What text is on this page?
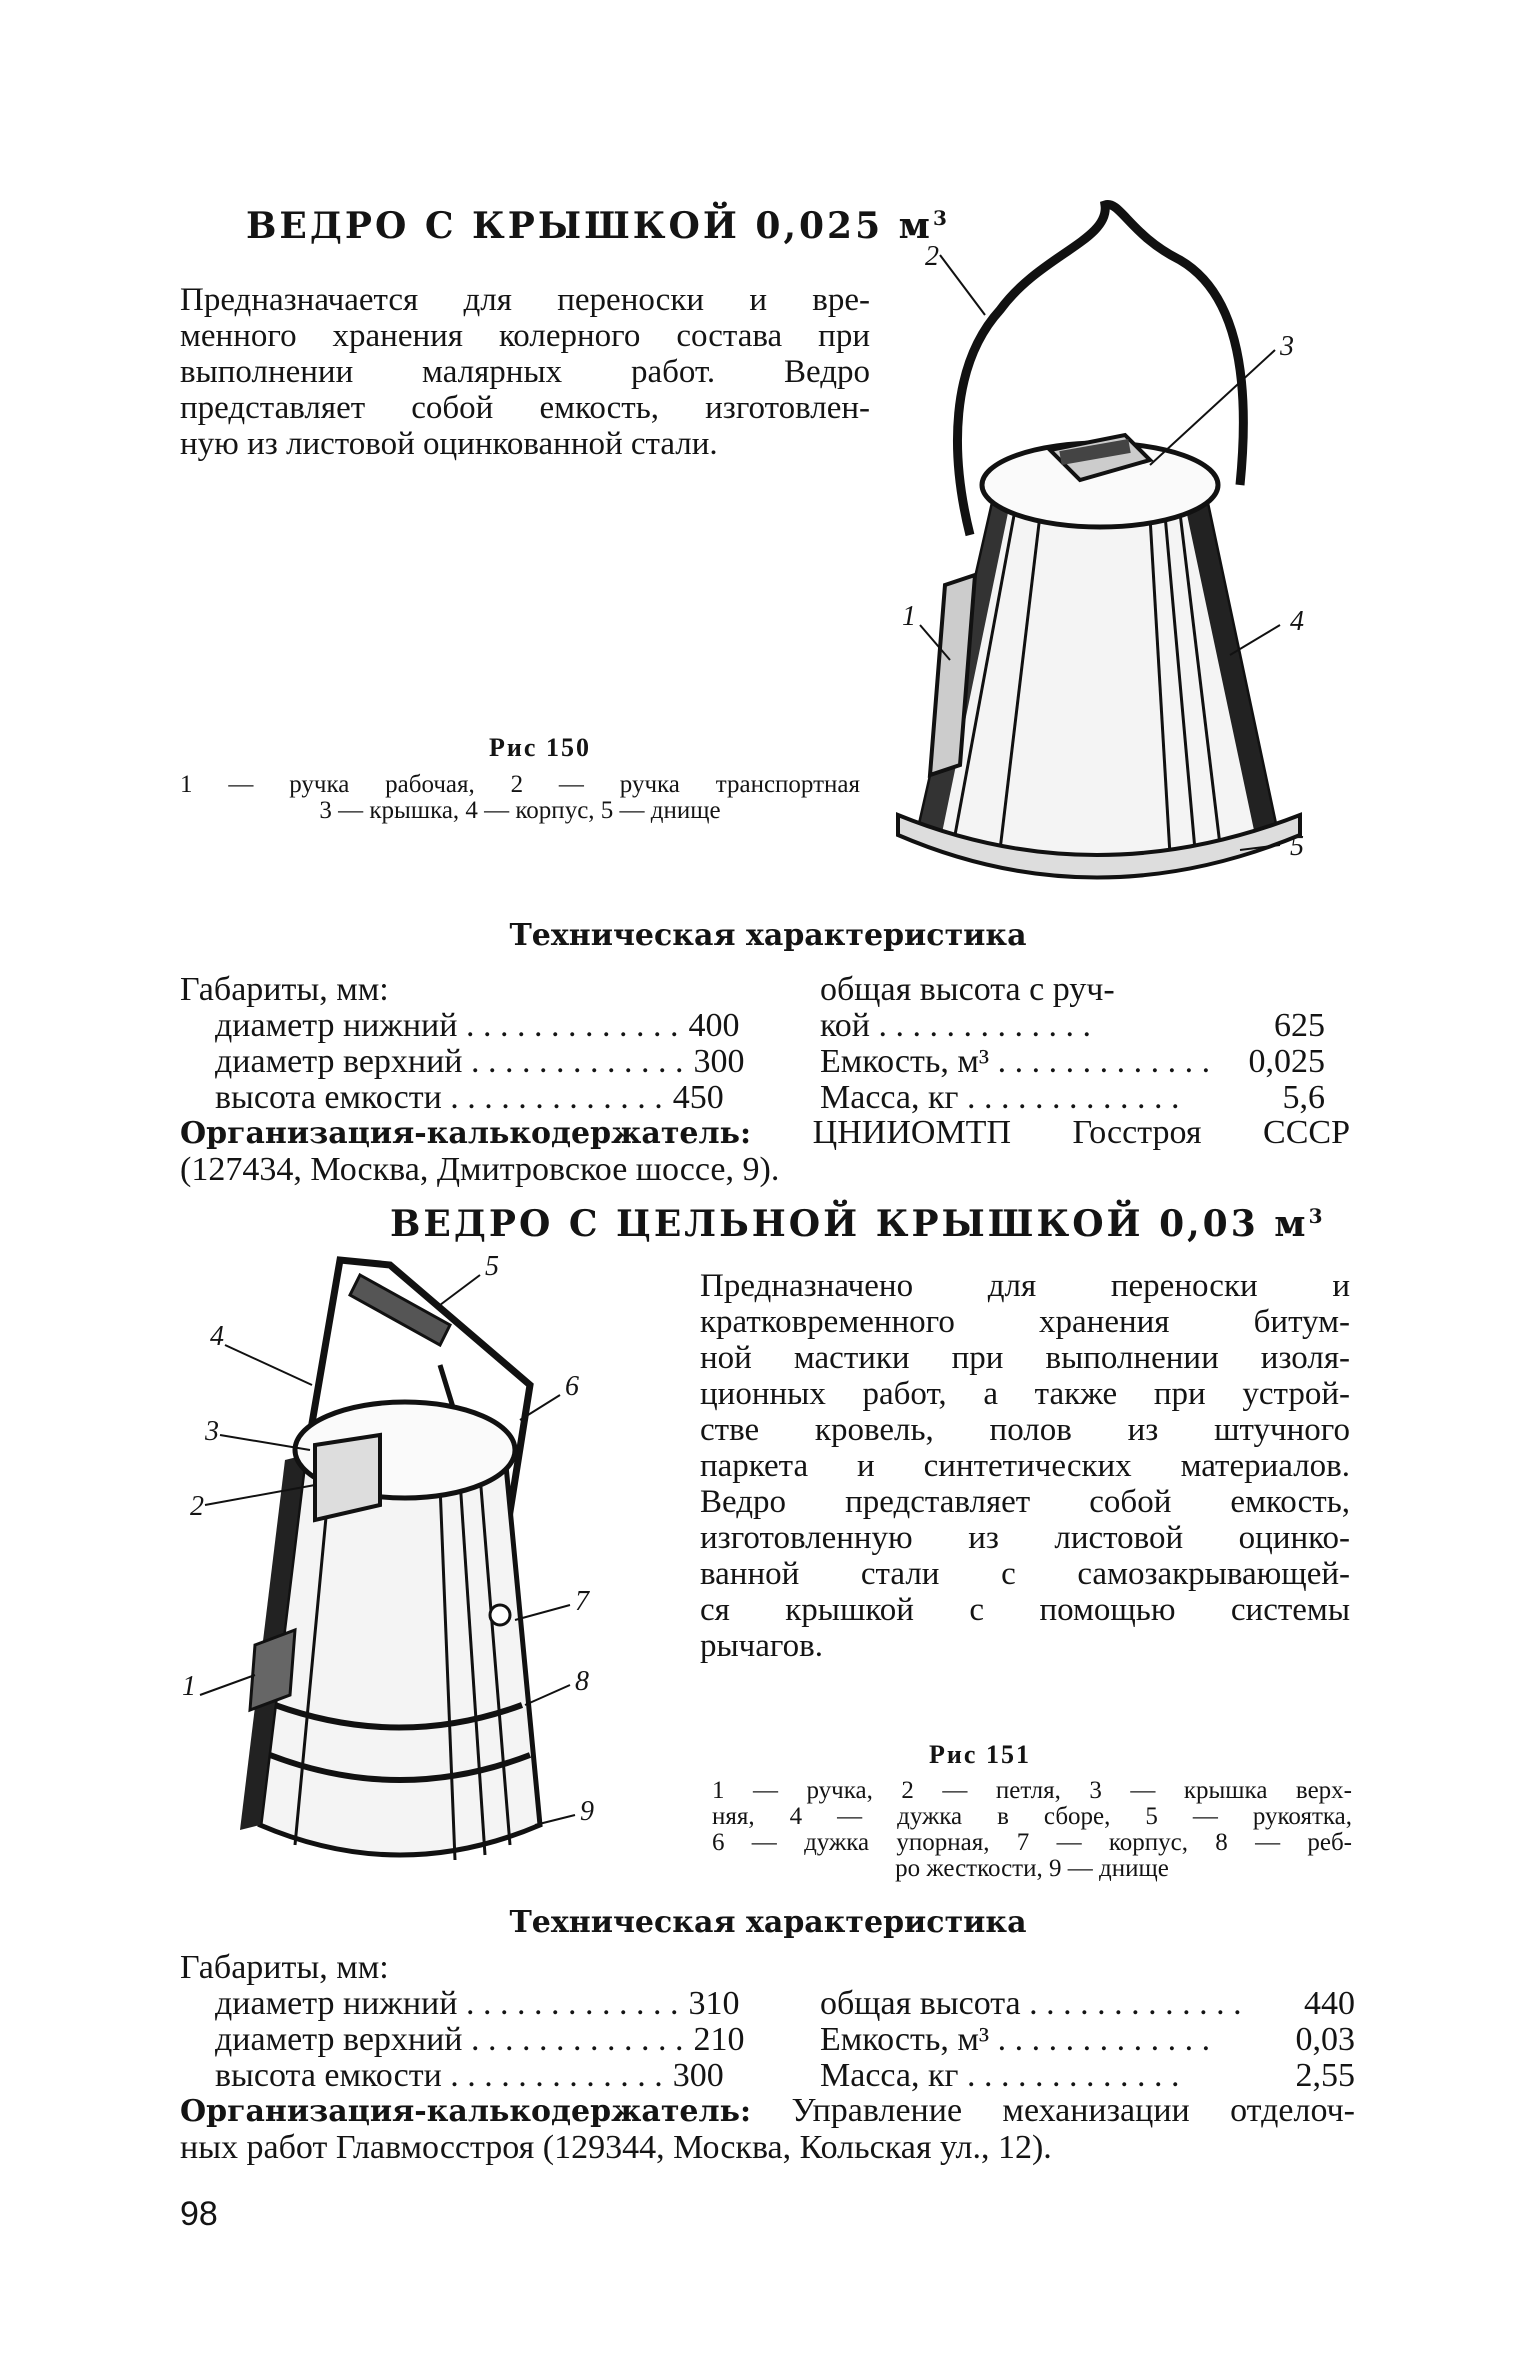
ВЕДРО С КРЫШКОЙ 0,025 $м^3$
Предназначается для переноски и вре-
менного хранения колерного состава при
выполнении малярных работ. Ведро
представляет собой емкость, изготовлен-
ную из листовой оцинкованной стали.
2
3
1	4
5
Рис 150
1 — ручка рабочая, 2 — ручка транспортная
3 — крышка, 4 — корпус, 5 — днище
Техническая характеристика
Габариты, мм:
диаметр нижний . .	400
диаметр верхний . .	300
высота емкости . .	450
общая высота с руч-
кой . .	625
Емкость, м³ . .	0,025
Масса, кг . .	5,6
Организация-калькодержатель: ЦНИИОМТП Госстроя СССР
(127434, Москва, Дмитровское шоссе, 9).
ВЕДРО С ЦЕЛЬНОЙ КРЫШКОЙ 0,03 $м^3$
4
5
6
3
2
7
1	8
9
Предназначено для переноски и
кратковременного хранения битум-
ной мастики при выполнении изоля-
ционных работ, а также при устрой-
стве кровель, полов из штучного
паркета и синтетических материалов.
Ведро представляет собой емкость,
изготовленную из листовой оцинко-
ванной стали с самозакрывающей-
ся крышкой с помощью системы
рычагов.
Рис 151
1 — ручка, 2 — петля, 3 — крышка верх-
няя, 4 — дужка в сборе, 5 — рукоятка,
6 — дужка упорная, 7 — корпус, 8 — реб-
ро жесткости, 9 — днище
Техническая характеристика
Габариты, мм:
диаметр нижний . .	310
диаметр верхний . .	210
высота емкости . .	300
общая высота . .	440
Емкость, м³ . .	0,03
Масса, кг . .	2,55
Организация-калькодержатель: Управление механизации отделоч-
ных работ Главмосстроя (129344, Москва, Кольская ул., 12).
98
